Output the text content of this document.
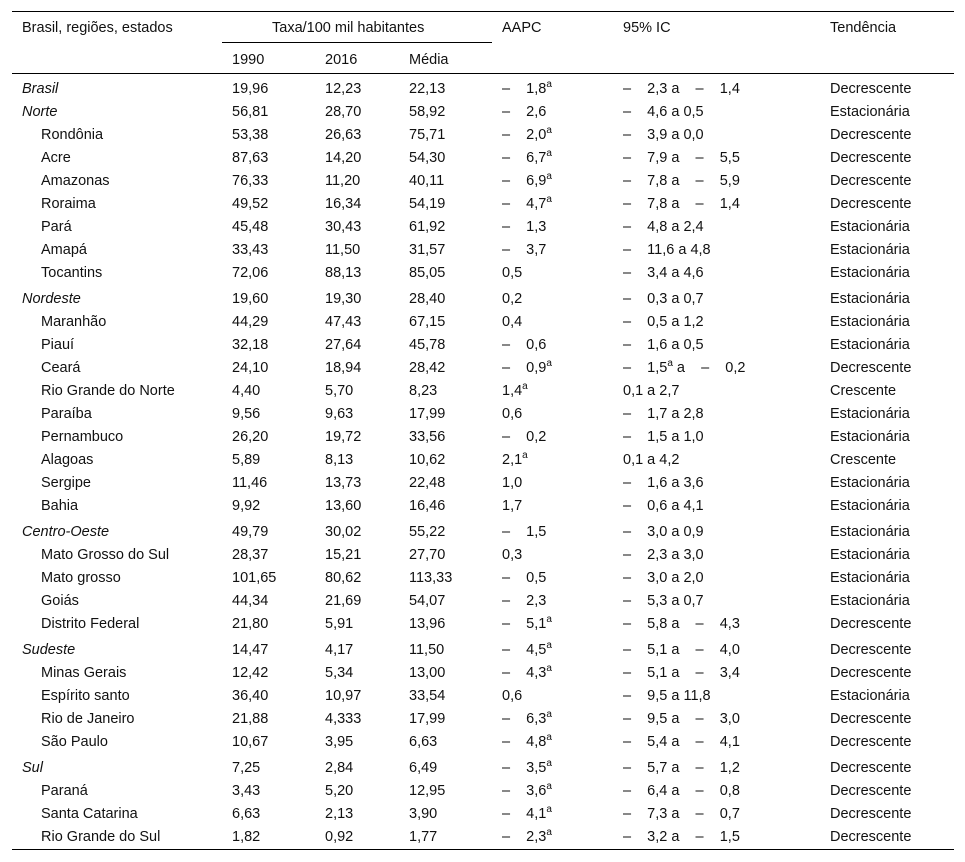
Brasil, regiões, estados	Taxa/100 mil habitantes	AAPC	95% IC	Tendência
1990	2016	Média
Brasil	19,96	12,23	22,13	–    1,8$^a$	–    2,3 a    –    1,4	Decrescente
Norte	56,81	28,70	58,92	–    2,6	–    4,6 a 0,5	Estacionária
Rondônia	53,38	26,63	75,71	–    2,0$^a$	–    3,9 a 0,0	Decrescente
Acre	87,63	14,20	54,30	–    6,7$^a$	–    7,9 a    –    5,5	Decrescente
Amazonas	76,33	11,20	40,11	–    6,9$^a$	–    7,8 a    –    5,9	Decrescente
Roraima	49,52	16,34	54,19	–    4,7$^a$	–    7,8 a    –    1,4	Decrescente
Pará	45,48	30,43	61,92	–    1,3	–    4,8 a 2,4	Estacionária
Amapá	33,43	11,50	31,57	–    3,7	–    11,6 a 4,8	Estacionária
Tocantins	72,06	88,13	85,05	0,5	–    3,4 a 4,6	Estacionária
Nordeste	19,60	19,30	28,40	0,2	–    0,3 a 0,7	Estacionária
Maranhão	44,29	47,43	67,15	0,4	–    0,5 a 1,2	Estacionária
Piauí	32,18	27,64	45,78	–    0,6	–    1,6 a 0,5	Estacionária
Ceará	24,10	18,94	28,42	–    0,9$^a$	–    1,5$^a$ a    –    0,2	Decrescente
Rio Grande do Norte	4,40	5,70	8,23	1,4$^a$	0,1 a 2,7	Crescente
Paraíba	9,56	9,63	17,99	0,6	–    1,7 a 2,8	Estacionária
Pernambuco	26,20	19,72	33,56	–    0,2	–    1,5 a 1,0	Estacionária
Alagoas	5,89	8,13	10,62	2,1$^a$	0,1 a 4,2	Crescente
Sergipe	11,46	13,73	22,48	1,0	–    1,6 a 3,6	Estacionária
Bahia	9,92	13,60	16,46	1,7	–    0,6 a 4,1	Estacionária
Centro-Oeste	49,79	30,02	55,22	–    1,5	–    3,0 a 0,9	Estacionária
Mato Grosso do Sul	28,37	15,21	27,70	0,3	–    2,3 a 3,0	Estacionária
Mato grosso	101,65	80,62	113,33	–    0,5	–    3,0 a 2,0	Estacionária
Goiás	44,34	21,69	54,07	–    2,3	–    5,3 a 0,7	Estacionária
Distrito Federal	21,80	5,91	13,96	–    5,1$^a$	–    5,8 a    –    4,3	Decrescente
Sudeste	14,47	4,17	11,50	–    4,5$^a$	–    5,1 a    –    4,0	Decrescente
Minas Gerais	12,42	5,34	13,00	–    4,3$^a$	–    5,1 a    –    3,4	Decrescente
Espírito santo	36,40	10,97	33,54	0,6	–    9,5 a 11,8	Estacionária
Rio de Janeiro	21,88	4,333	17,99	–    6,3$^a$	–    9,5 a    –    3,0	Decrescente
São Paulo	10,67	3,95	6,63	–    4,8$^a$	–    5,4 a    –    4,1	Decrescente
Sul	7,25	2,84	6,49	–    3,5$^a$	–    5,7 a    –    1,2	Decrescente
Paraná	3,43	5,20	12,95	–    3,6$^a$	–    6,4 a    –    0,8	Decrescente
Santa Catarina	6,63	2,13	3,90	–    4,1$^a$	–    7,3 a    –    0,7	Decrescente
Rio Grande do Sul	1,82	0,92	1,77	–    2,3$^a$	–    3,2 a    –    1,5	Decrescente
